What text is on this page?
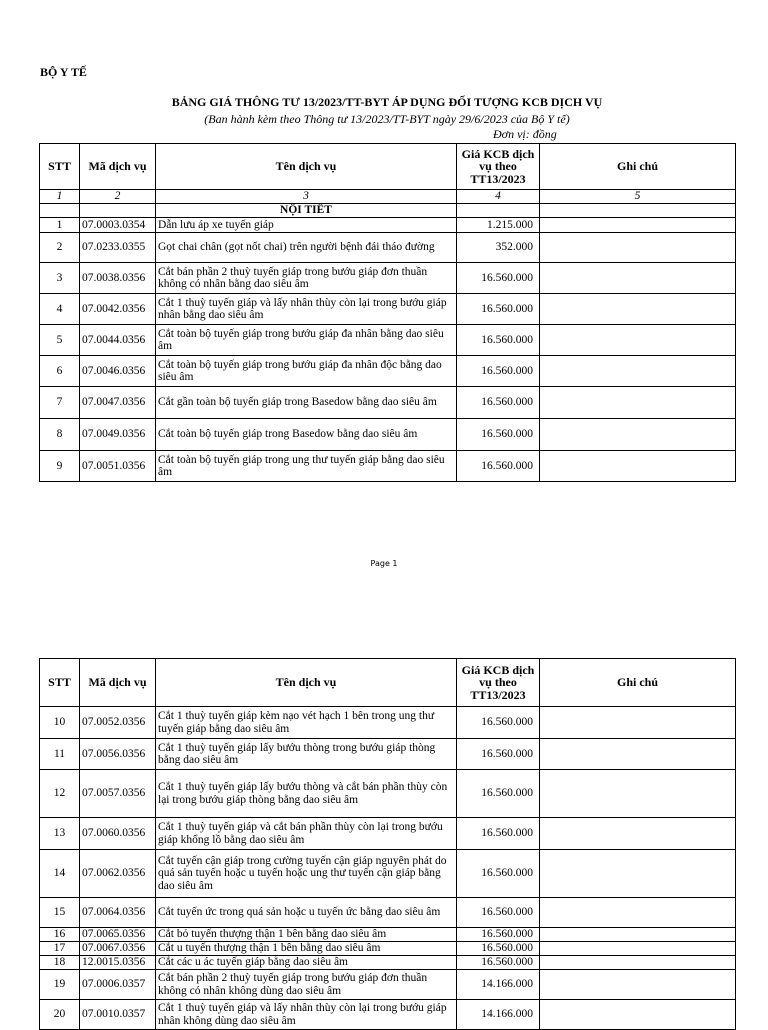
BỘ Y TẾ
BẢNG GIÁ THÔNG TƯ 13/2023/TT-BYT ÁP DỤNG ĐỐI TƯỢNG KCB DỊCH VỤ
(Ban hành kèm theo Thông tư 13/2023/TT-BYT ngày 29/6/2023 của Bộ Y tế)
Đơn vị: đồng
STT	Mã dịch vụ	Tên dịch vụ	Giá KCB dịch vụ theo TT13/2023	Ghi chú
1	2	3	4	5
		NỘI TIẾT		
1	07.0003.0354	Dẫn lưu áp xe tuyến giáp	1.215.000	
2	07.0233.0355	Gọt chai chân (gọt nốt chai) trên người bệnh đái tháo đường	352.000	
3	07.0038.0356	Cắt bán phần 2 thuỳ tuyến giáp trong bướu giáp đơn thuần không có nhân bằng dao siêu âm	16.560.000	
4	07.0042.0356	Cắt 1 thuỳ tuyến giáp và lấy nhân thùy còn lại trong bướu giáp nhân bằng dao siêu âm	16.560.000	
5	07.0044.0356	Cắt toàn bộ tuyến giáp trong bướu giáp đa nhân bằng dao siêu âm	16.560.000	
6	07.0046.0356	Cắt toàn bộ tuyến giáp trong bướu giáp đa nhân độc bằng dao siêu âm	16.560.000	
7	07.0047.0356	Cắt gần toàn bộ tuyến giáp trong Basedow bằng dao siêu âm	16.560.000	
8	07.0049.0356	Cắt toàn bộ tuyến giáp trong Basedow bằng dao siêu âm	16.560.000	
9	07.0051.0356	Cắt toàn bộ tuyến giáp trong ung thư tuyến giáp bằng dao siêu âm	16.560.000	
Page 1
STT	Mã dịch vụ	Tên dịch vụ	Giá KCB dịch vụ theo TT13/2023	Ghi chú
10	07.0052.0356	Cắt 1 thuỳ tuyến giáp kèm nạo vét hạch 1 bên trong ung thư tuyến giáp bằng dao siêu âm	16.560.000	
11	07.0056.0356	Cắt 1 thuỳ tuyến giáp lấy bướu thòng trong bướu giáp thòng bằng dao siêu âm	16.560.000	
12	07.0057.0356	Cắt 1 thuỳ tuyến giáp lấy bướu thòng và cắt bán phần thùy còn lại trong bướu giáp thòng bằng dao siêu âm	16.560.000	
13	07.0060.0356	Cắt 1 thuỳ tuyến giáp và cắt bán phần thùy còn lại trong bướu giáp khổng lồ bằng dao siêu âm	16.560.000	
14	07.0062.0356	Cắt tuyến cận giáp trong cường tuyến cận giáp nguyên phát do quá sản tuyến hoặc u tuyến hoặc ung thư tuyến cận giáp bằng dao siêu âm	16.560.000	
15	07.0064.0356	Cắt tuyến ức trong quá sản hoặc u tuyến ức bằng dao siêu âm	16.560.000	
16	07.0065.0356	Cắt bỏ tuyến thượng thận 1 bên bằng dao siêu âm	16.560.000	
17	07.0067.0356	Cắt u tuyến thượng thận 1 bên bằng dao siêu âm	16.560.000	
18	12.0015.0356	Cắt các u ác tuyến giáp bằng dao siêu âm	16.560.000	
19	07.0006.0357	Cắt bán phần 2 thuỳ tuyến giáp trong bướu giáp đơn thuần không có nhân không dùng dao siêu âm	14.166.000	
20	07.0010.0357	Cắt 1 thuỳ tuyến giáp và lấy nhân thùy còn lại trong bướu giáp nhân không dùng dao siêu âm	14.166.000	
